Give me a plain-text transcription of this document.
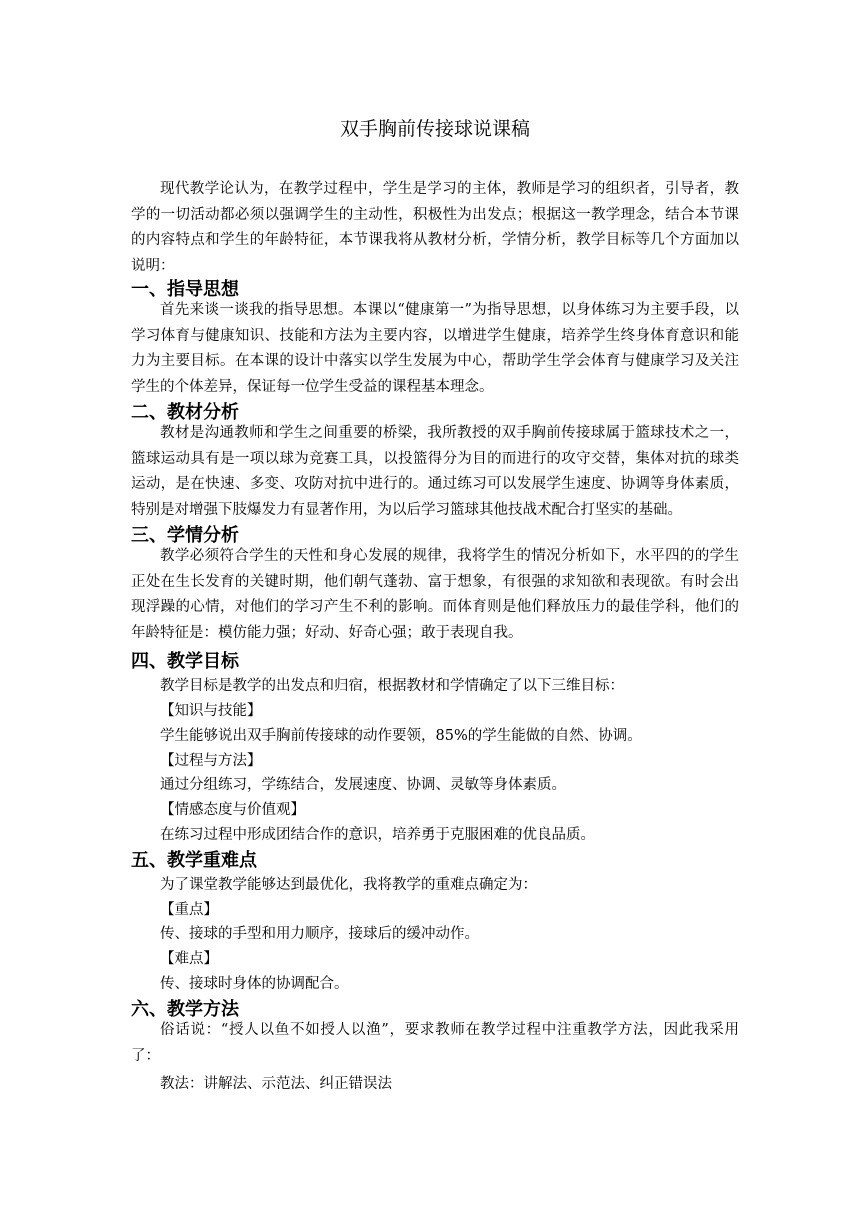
双手胸前传接球说课稿

现代教学论认为，在教学过程中，学生是学习的主体，教师是学习的组织者，引导者，教学的一切活动都必须以强调学生的主动性，积极性为出发点；根据这一教学理念，结合本节课的内容特点和学生的年龄特征，本节课我将从教材分析，学情分析，教学目标等几个方面加以说明：

一、指导思想

首先来谈一谈我的指导思想。本课以“健康第一”为指导思想，以身体练习为主要手段，以学习体育与健康知识、技能和方法为主要内容，以增进学生健康，培养学生终身体育意识和能力为主要目标。在本课的设计中落实以学生发展为中心，帮助学生学会体育与健康学习及关注学生的个体差异，保证每一位学生受益的课程基本理念。

二、教材分析

教材是沟通教师和学生之间重要的桥梁，我所教授的双手胸前传接球属于篮球技术之一，篮球运动具有是一项以球为竞赛工具，以投篮得分为目的而进行的攻守交替，集体对抗的球类运动，是在快速、多变、攻防对抗中进行的。通过练习可以发展学生速度、协调等身体素质，特别是对增强下肢爆发力有显著作用，为以后学习篮球其他技战术配合打坚实的基础。

三、学情分析

教学必须符合学生的天性和身心发展的规律，我将学生的情况分析如下，水平四的的学生正处在生长发育的关键时期，他们朝气蓬勃、富于想象，有很强的求知欲和表现欲。有时会出现浮躁的心情，对他们的学习产生不利的影响。而体育则是他们释放压力的最佳学科，他们的年龄特征是：模仿能力强；好动、好奇心强；敢于表现自我。

四、教学目标
教学目标是教学的出发点和归宿，根据教材和学情确定了以下三维目标：
【知识与技能】
学生能够说出双手胸前传接球的动作要领，85%的学生能做的自然、协调。
【过程与方法】
通过分组练习，学练结合，发展速度、协调、灵敏等身体素质。
【情感态度与价值观】
在练习过程中形成团结合作的意识，培养勇于克服困难的优良品质。
五、教学重难点
为了课堂教学能够达到最优化，我将教学的重难点确定为：
【重点】
传、接球的手型和用力顺序，接球后的缓冲动作。
【难点】
传、接球时身体的协调配合。
六、教学方法

俗话说：“授人以鱼不如授人以渔”，要求教师在教学过程中注重教学方法，因此我采用了：

教法：讲解法、示范法、纠正错误法
